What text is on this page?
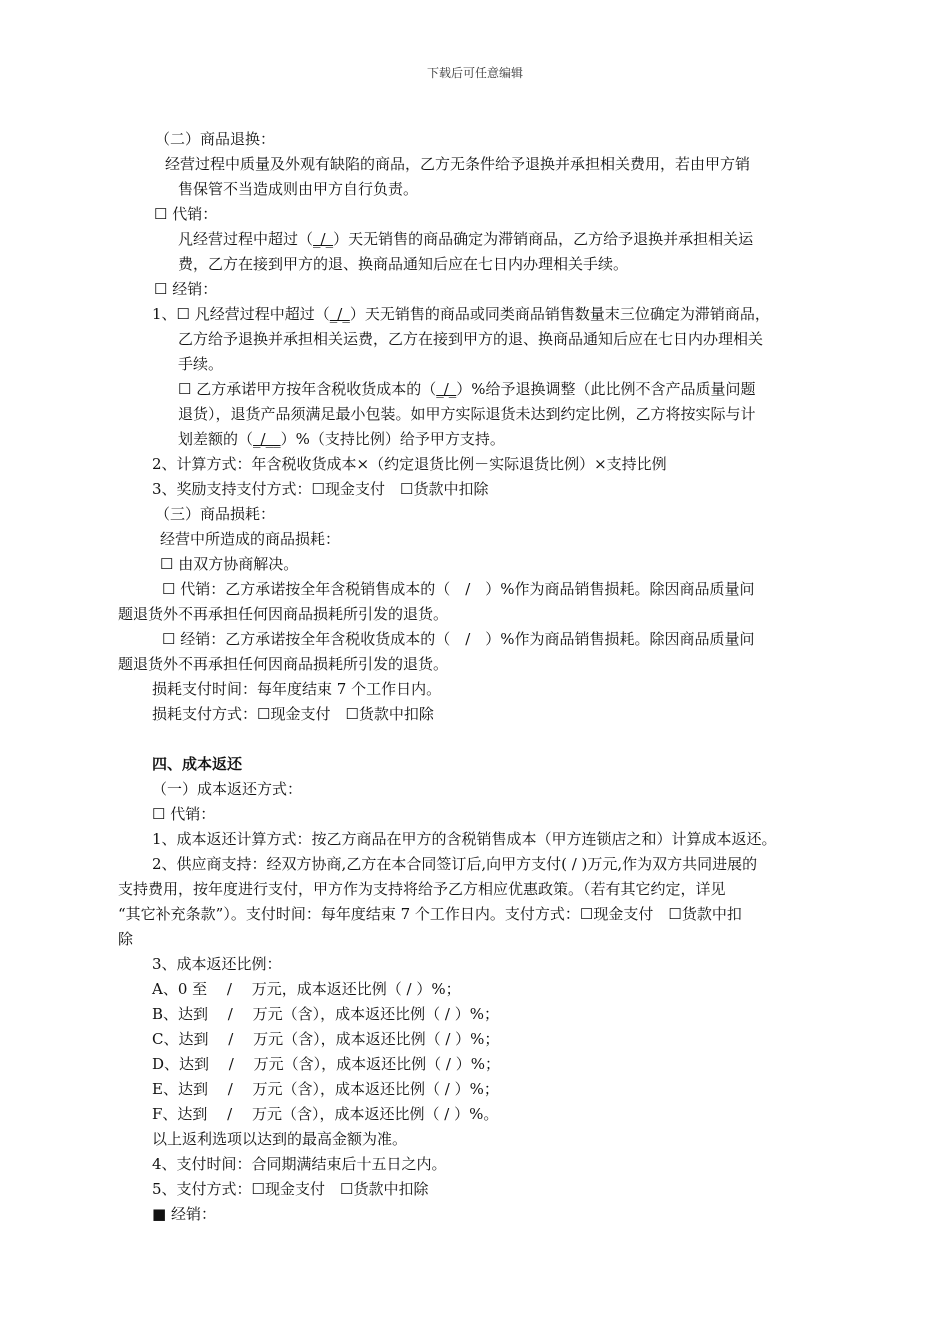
下载后可任意编辑
（二）商品退换：
经营过程中质量及外观有缺陷的商品，乙方无条件给予退换并承担相关费用，若由甲方销
售保管不当造成则由甲方自行负责。
☐ 代销：
凡经营过程中超过（_/_）天无销售的商品确定为滞销商品，乙方给予退换并承担相关运
费，乙方在接到甲方的退、换商品通知后应在七日内办理相关手续。
☐ 经销：
1、☐ 凡经营过程中超过（_/_）天无销售的商品或同类商品销售数量末三位确定为滞销商品，
乙方给予退换并承担相关运费，乙方在接到甲方的退、换商品通知后应在七日内办理相关
手续。
☐ 乙方承诺甲方按年含税收货成本的（_/_）%给予退换调整（此比例不含产品质量问题
退货），退货产品须满足最小包装。如甲方实际退货未达到约定比例，乙方将按实际与计
划差额的（_/__）%（支持比例）给予甲方支持。
2、计算方式：年含税收货成本×（约定退货比例－实际退货比例）×支持比例
3、奖励支持支付方式：☐现金支付　☐货款中扣除
（三）商品损耗：
经营中所造成的商品损耗：
☐ 由双方协商解决。
☐ 代销：乙方承诺按全年含税销售成本的（　/　）%作为商品销售损耗。除因商品质量问
题退货外不再承担任何因商品损耗所引发的退货。
☐ 经销：乙方承诺按全年含税收货成本的（　/　）%作为商品销售损耗。除因商品质量问
题退货外不再承担任何因商品损耗所引发的退货。
损耗支付时间：每年度结束 7 个工作日内。
损耗支付方式：☐现金支付　☐货款中扣除
四、成本返还
（一）成本返还方式：
☐ 代销：
1、成本返还计算方式：按乙方商品在甲方的含税销售成本（甲方连锁店之和）计算成本返还。
2、供应商支持：经双方协商,乙方在本合同签订后,向甲方支付( / )万元,作为双方共同进展的
支持费用，按年度进行支付，甲方作为支持将给予乙方相应优惠政策。（若有其它约定，详见
“其它补充条款”）。支付时间：每年度结束 7 个工作日内。支付方式：☐现金支付　☐货款中扣
除
3、成本返还比例：
A、0 至　 /　 万元，成本返还比例（ / ）%；
B、达到　 /　 万元（含），成本返还比例（ / ）%；
C、达到　 /　 万元（含），成本返还比例（ / ）%；
D、达到　 /　 万元（含），成本返还比例（ / ）%；
E、达到　 /　 万元（含），成本返还比例（ / ）%；
F、达到　 /　 万元（含），成本返还比例（ / ）%。
以上返利选项以达到的最高金额为准。
4、支付时间：合同期满结束后十五日之内。
5、支付方式：☐现金支付　☐货款中扣除
■ 经销：
